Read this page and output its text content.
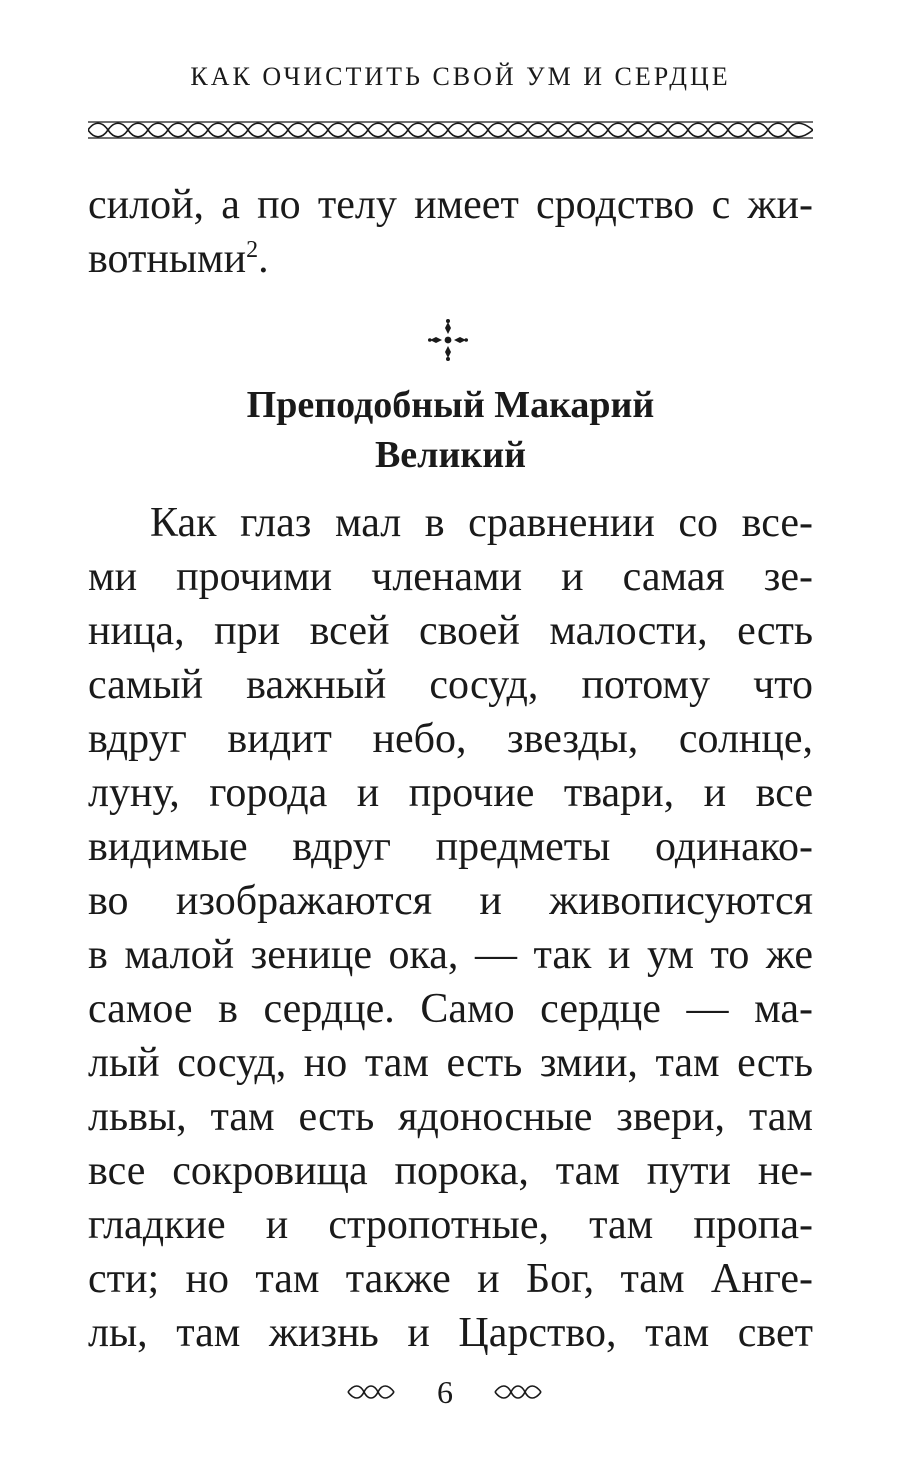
КАК ОЧИСТИТЬ СВОЙ УМ И СЕРДЦЕ
силой, а по телу имеет сродство с жи-
вотными$^2$.
Преподобный Макарий
Великий
Как глаз мал в сравнении со все-
ми прочими членами и самая зе-
ница, при всей своей малости, есть
самый важный сосуд, потому что
вдруг видит небо, звезды, солнце,
луну, города и прочие твари, и все
видимые вдруг предметы одинако-
во изображаются и живописуются
в малой зенице ока, — так и ум то же
самое в сердце. Само сердце — ма-
лый сосуд, но там есть змии, там есть
львы, там есть ядоносные звери, там
все сокровища порока, там пути не-
гладкие и стропотные, там пропа-
сти; но там также и Бог, там Анге-
лы, там жизнь и Царство, там свет
6
